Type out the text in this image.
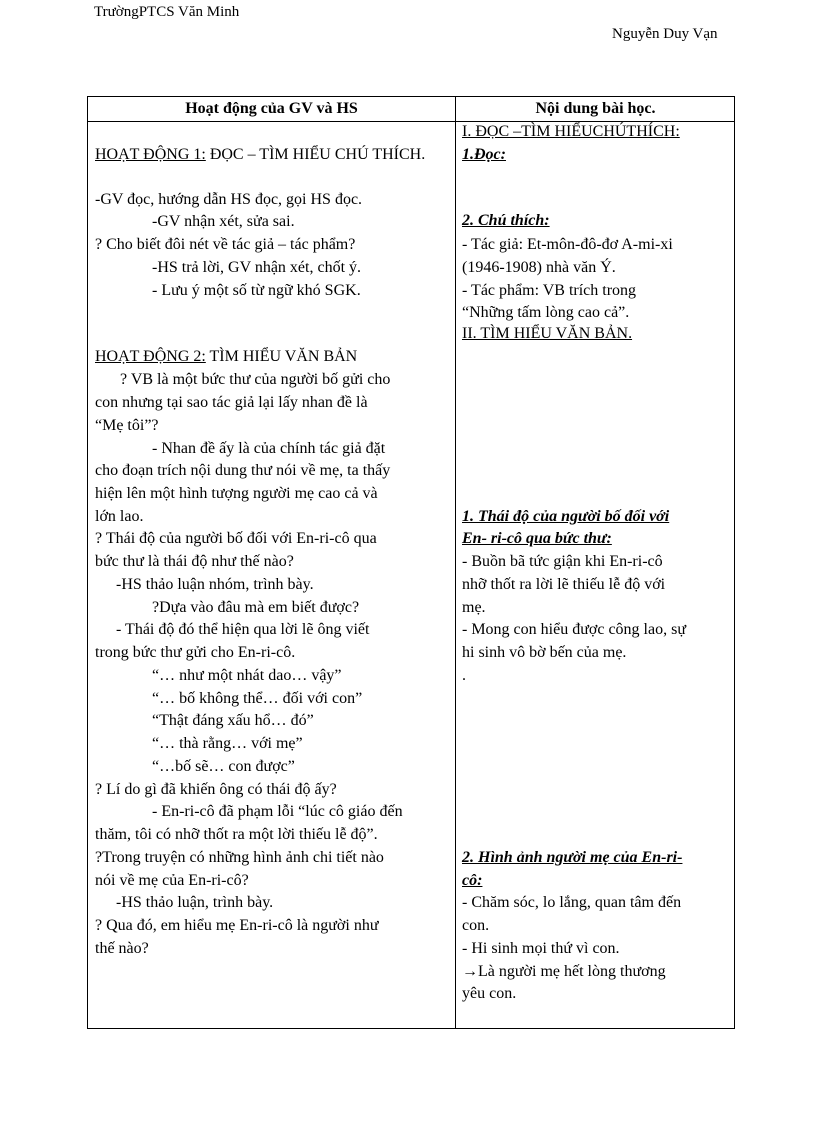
TrườngPTCS Văn Minh
Nguyễn Duy Vạn
Hoạt động của GV và HS	Nội dung bài học.
HOẠT ĐỘNG 1: ĐỌC – TÌM HIỂU CHÚ THÍCH.
-GV đọc, hướng dẫn HS đọc, gọi HS đọc.
-GV nhận xét, sửa sai.
? Cho biết đôi nét về tác giả – tác phẩm?
-HS trả lời, GV nhận xét, chốt ý.
- Lưu ý một số từ ngữ khó SGK.
HOẠT ĐỘNG 2: TÌM HIỂU VĂN BẢN
? VB là một bức thư của người bố gửi cho
con nhưng tại sao tác giả lại lấy nhan đề là
“Mẹ tôi”?
- Nhan đề ấy là của chính tác giả đặt
cho đoạn trích nội dung thư nói về mẹ, ta thấy
hiện lên một hình tượng người mẹ cao cả và
lớn lao.
? Thái độ của người bố đối với En-ri-cô qua
bức thư là thái độ như thế nào?
-HS thảo luận nhóm, trình bày.
?Dựa vào đâu mà em biết được?
- Thái độ đó thể hiện qua lời lẽ ông viết
trong bức thư gửi cho En-ri-cô.
“… như một nhát dao… vậy”
“… bố không thể… đối với con”
“Thật đáng xấu hổ… đó”
“… thà rằng… với mẹ”
“…bố sẽ… con được”
? Lí do gì đã khiến ông có thái độ ấy?
- En-ri-cô đã phạm lỗi “lúc cô giáo đến
thăm, tôi có nhỡ thốt ra một lời thiếu lễ độ”.
?Trong truyện có những hình ảnh chi tiết nào
nói về mẹ của En-ri-cô?
-HS thảo luận, trình bày.
? Qua đó, em hiểu mẹ En-ri-cô là người như
thế nào?
I. ĐỌC –TÌM HIỂUCHÚTHÍCH:
1.Đọc:
2. Chú thích:
- Tác giả: Et-môn-đô-đơ A-mi-xi
(1946-1908) nhà văn Ý.
- Tác phẩm: VB trích trong
“Những tấm lòng cao cả”.
II. TÌM HIỂU VĂN BẢN.
1. Thái độ của người bố đối với
En- ri-cô qua bức thư:
- Buồn bã tức giận khi En-ri-cô
nhỡ thốt ra lời lẽ thiếu lễ độ với
mẹ.
- Mong con hiểu được công lao, sự
hi sinh vô bờ bến của mẹ.
.
2. Hình ảnh người mẹ của En-ri-
cô:
- Chăm sóc, lo lắng, quan tâm đến
con.
- Hi sinh mọi thứ vì con.
→Là người mẹ hết lòng thương
yêu con.
